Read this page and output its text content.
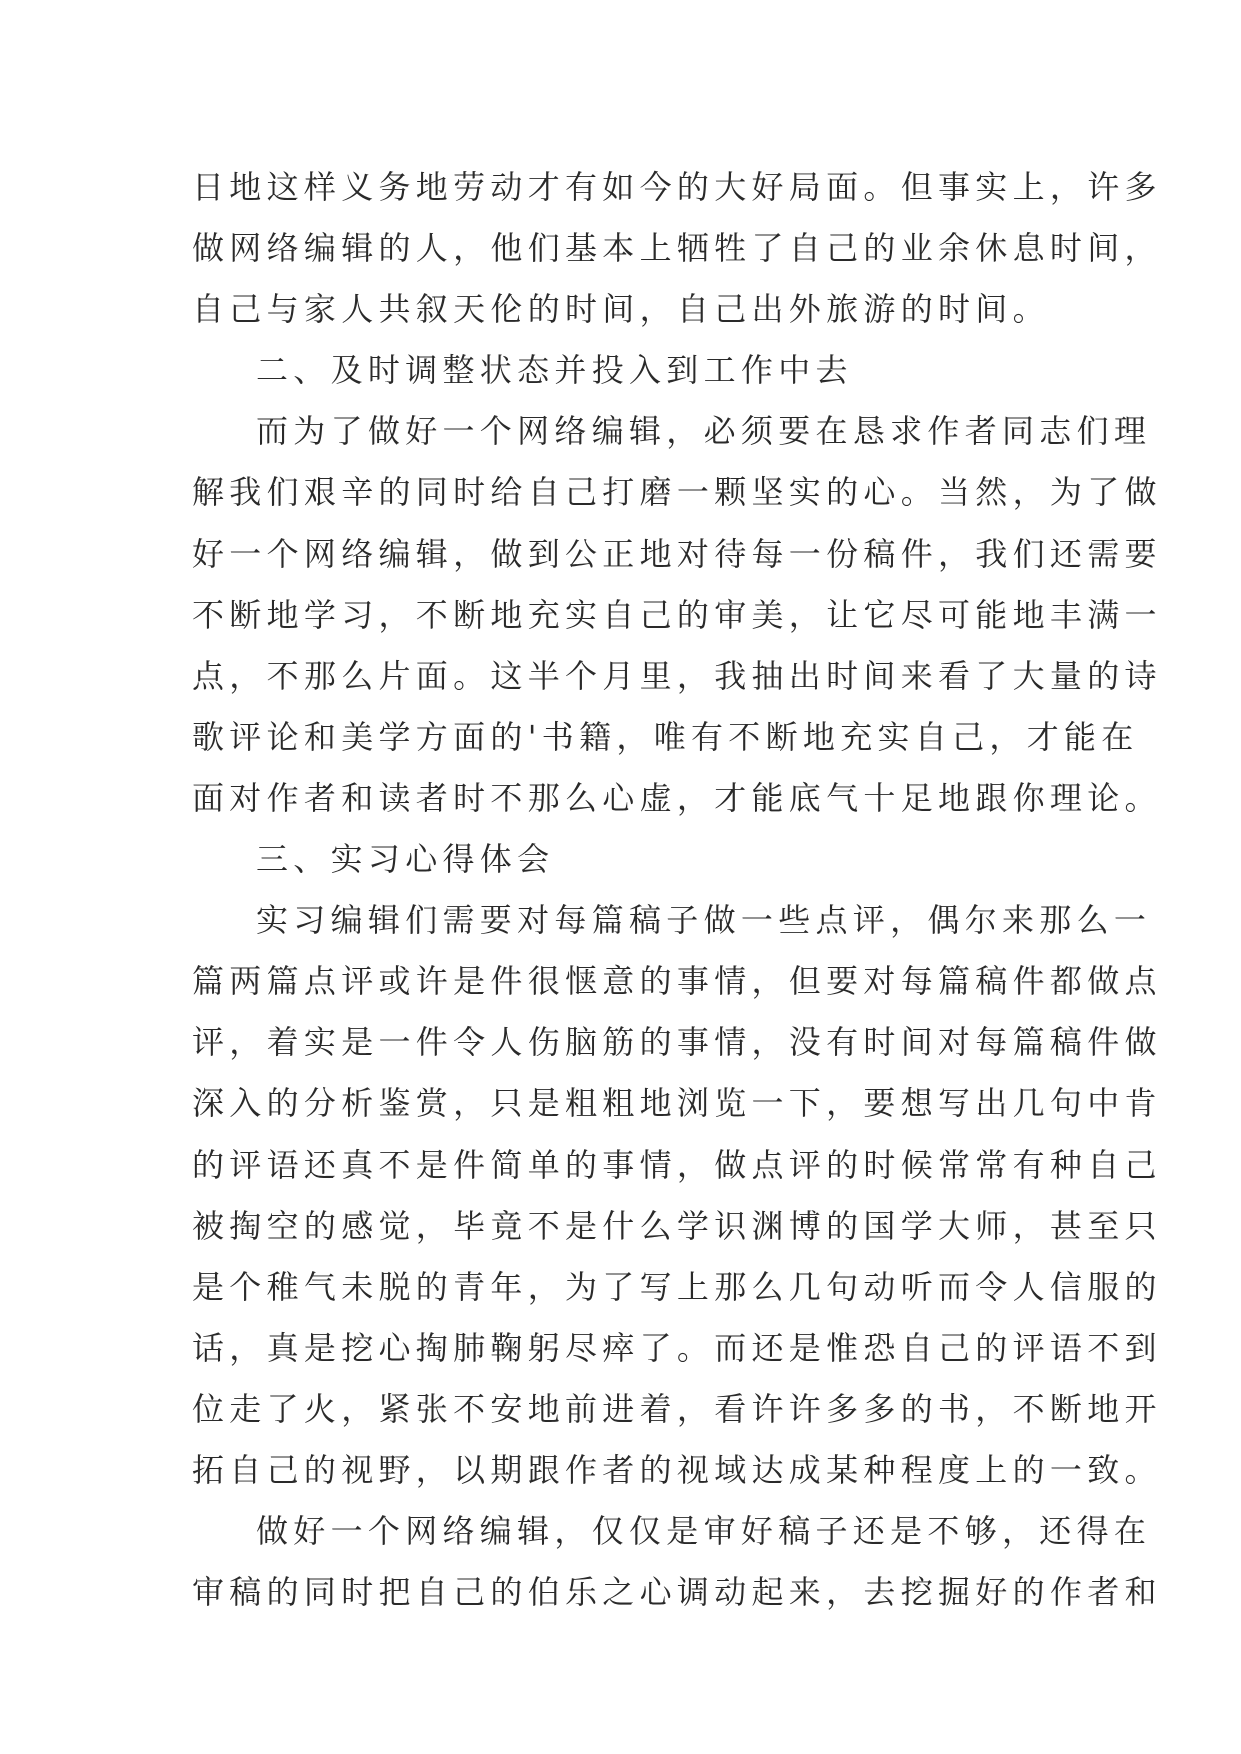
日地这样义务地劳动才有如今的大好局面。但事实上，许多
做网络编辑的人，他们基本上牺牲了自己的业余休息时间，
自己与家人共叙天伦的时间，自己出外旅游的时间。
二、及时调整状态并投入到工作中去
而为了做好一个网络编辑，必须要在恳求作者同志们理
解我们艰辛的同时给自己打磨一颗坚实的心。当然，为了做
好一个网络编辑，做到公正地对待每一份稿件，我们还需要
不断地学习，不断地充实自己的审美，让它尽可能地丰满一
点，不那么片面。这半个月里，我抽出时间来看了大量的诗
歌评论和美学方面的'书籍，唯有不断地充实自己，才能在
面对作者和读者时不那么心虚，才能底气十足地跟你理论。
三、实习心得体会
实习编辑们需要对每篇稿子做一些点评，偶尔来那么一
篇两篇点评或许是件很惬意的事情，但要对每篇稿件都做点
评，着实是一件令人伤脑筋的事情，没有时间对每篇稿件做
深入的分析鉴赏，只是粗粗地浏览一下，要想写出几句中肯
的评语还真不是件简单的事情，做点评的时候常常有种自己
被掏空的感觉，毕竟不是什么学识渊博的国学大师，甚至只
是个稚气未脱的青年，为了写上那么几句动听而令人信服的
话，真是挖心掏肺鞠躬尽瘁了。而还是惟恐自己的评语不到
位走了火，紧张不安地前进着，看许许多多的书，不断地开
拓自己的视野，以期跟作者的视域达成某种程度上的一致。
做好一个网络编辑，仅仅是审好稿子还是不够，还得在
审稿的同时把自己的伯乐之心调动起来，去挖掘好的作者和
